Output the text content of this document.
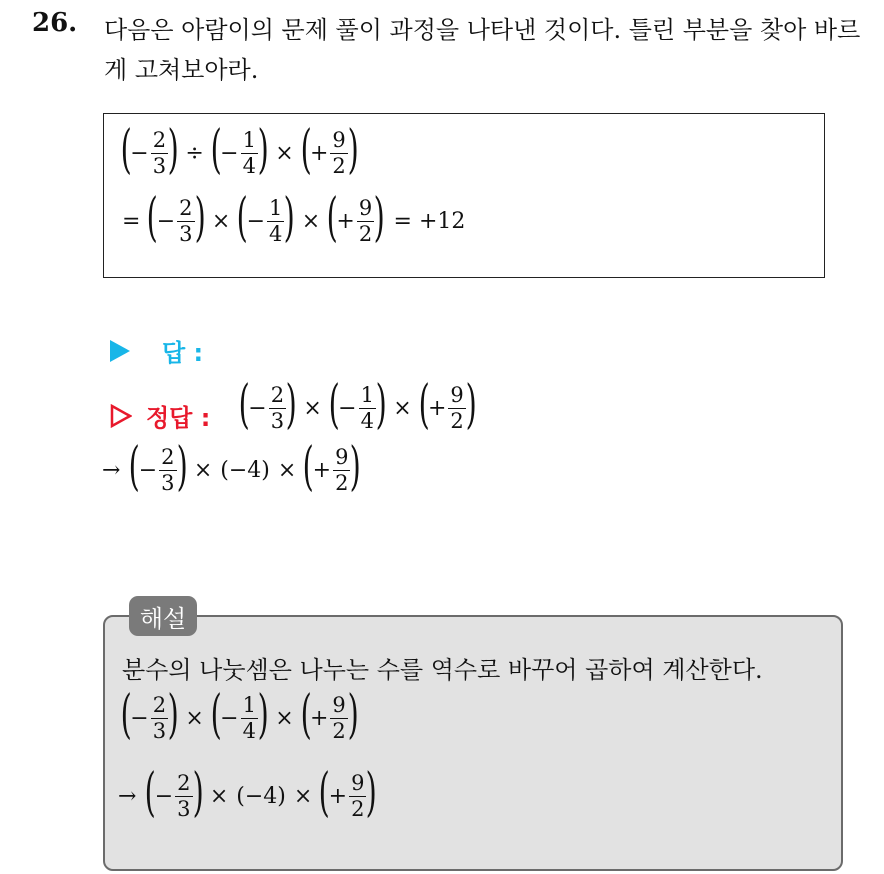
26. 다음은 아람이의 문제 풀이 과정을 나타낸 것이다. 틀린 부분을 찾아 바르게 고쳐보아라.
(
− $\frac{2}{3}$ ) ÷ (
− $\frac{1}{4}$ ) × (
+ $\frac{9}{2}$ )
= (
− $\frac{2}{3}$ ) × (
− $\frac{1}{4}$ ) × (
+ $\frac{9}{2}$ ) = +12
답 :
정답 : (
− $\frac{2}{3}$ ) × (
− $\frac{1}{4}$ ) × (
+ $\frac{9}{2}$ )
→ (
− $\frac{2}{3}$ ) × (−4) × (
+ $\frac{9}{2}$ )
해설
분수의 나눗셈은 나누는 수를 역수로 바꾸어 곱하여 계산한다.
(
− $\frac{2}{3}$ ) × (
− $\frac{1}{4}$ ) × (
+ $\frac{9}{2}$ )
→ (
− $\frac{2}{3}$ ) × (−4) × (
+ $\frac{9}{2}$ )
